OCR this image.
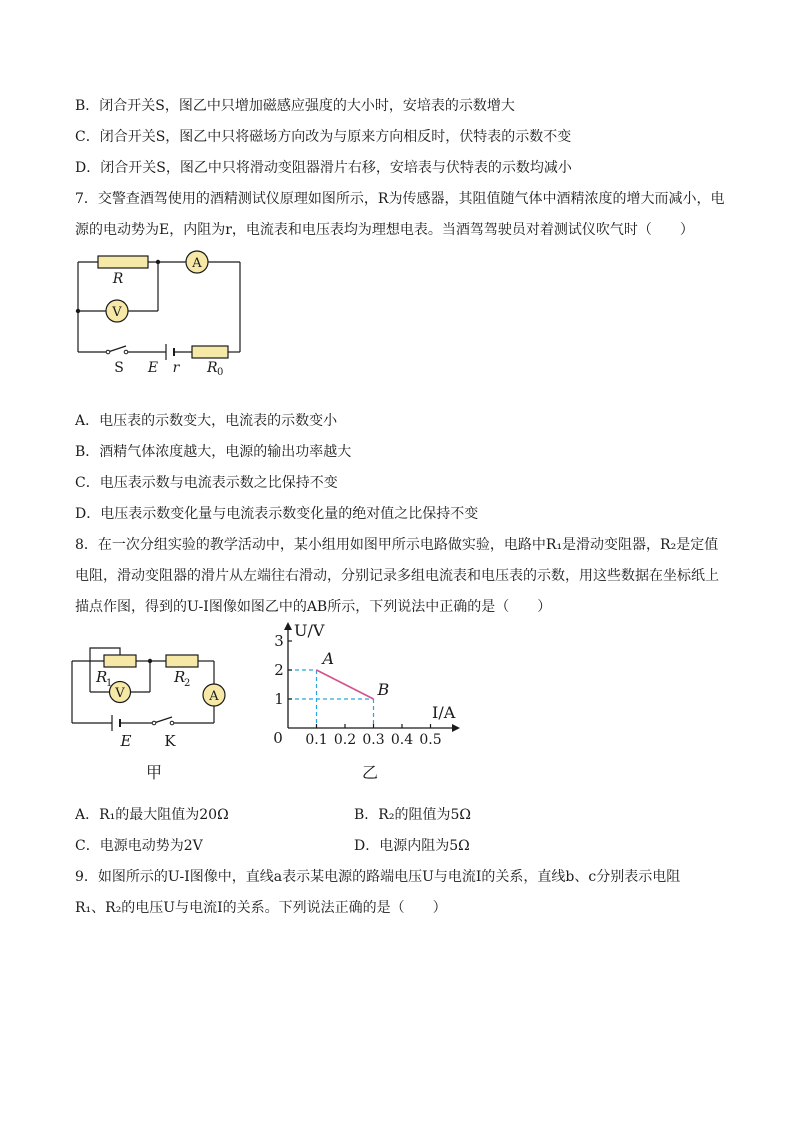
B．闭合开关S，图乙中只增加磁感应强度的大小时，安培表的示数增大
C．闭合开关S，图乙中只将磁场方向改为与原来方向相反时，伏特表的示数不变
D．闭合开关S，图乙中只将滑动变阻器滑片右移，安培表与伏特表的示数均减小
7．交警查酒驾使用的酒精测试仪原理如图所示，R为传感器，其阻值随气体中酒精浓度的增大而减小，电
源的电动势为E，内阻为r，电流表和电压表均为理想电表。当酒驾驾驶员对着测试仪吹气时（　　）
A
V
R
S E r R 0
A．电压表的示数变大，电流表的示数变小
B．酒精气体浓度越大，电源的输出功率越大
C．电压表示数与电流表示数之比保持不变
D．电压表示数变化量与电流表示数变化量的绝对值之比保持不变
8．在一次分组实验的教学活动中，某小组用如图甲所示电路做实验，电路中R₁是滑动变阻器，R₂是定值
电阻，滑动变阻器的滑片从左端往右滑动，分别记录多组电流表和电压表的示数，用这些数据在坐标纸上
描点作图，得到的U-I图像如图乙中的AB所示，下列说法中正确的是（　　）
V	A
R
1	R
2
E K
甲
0.1 0.2 0.3 0.4 0.5
1
2
3
A
B
U/V
I/A
0
乙
A．R₁的最大阻值为20Ω	B．R₂的阻值为5Ω
C．电源电动势为2V	D．电源内阻为5Ω
9．如图所示的U-I图像中，直线a表示某电源的路端电压U与电流I的关系，直线b、c分别表示电阻
R₁、R₂的电压U与电流I的关系。下列说法正确的是（　　）
